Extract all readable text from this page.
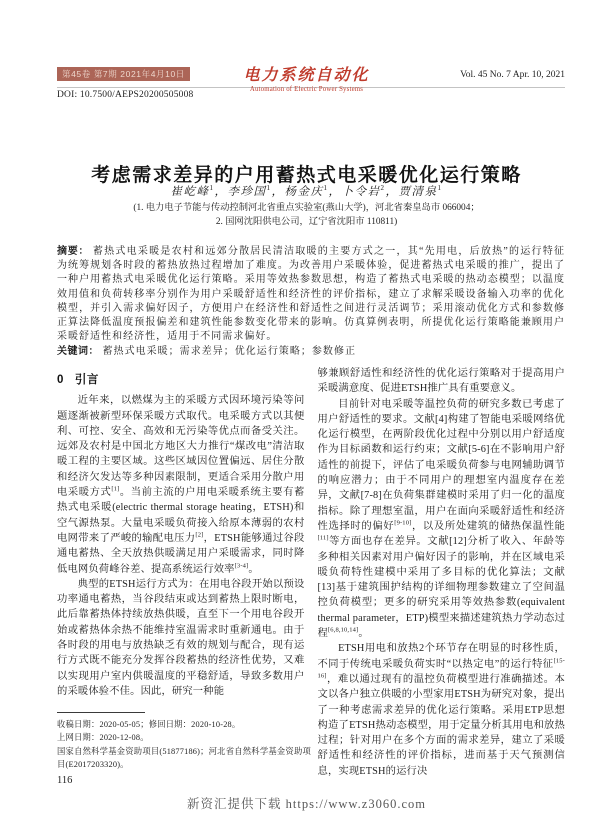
第45卷 第7期 2021年4月10日
DOI: 10.7500/AEPS20200505008
电力系统自动化
Automation of Electric Power Systems
Vol. 45 No. 7 Apr. 10, 2021
考虑需求差异的户用蓄热式电采暖优化运行策略
崔屹峰$^1$，李珍国$^1$，杨金庆$^1$，卜令岩$^2$，贾清泉$^1$
(1. 电力电子节能与传动控制河北省重点实验室(燕山大学)，河北省秦皇岛市 066004；
2. 国网沈阳供电公司，辽宁省沈阳市 110811)
摘要： 蓄热式电采暖是农村和远郊分散居民清洁取暖的主要方式之一，其“先用电，后放热”的运行特征为统筹规划各时段的蓄热放热过程增加了难度。为改善用户采暖体验，促进蓄热式电采暖的推广，提出了一种户用蓄热式电采暖优化运行策略。采用等效热参数思想，构造了蓄热式电采暖的热动态模型；以温度效用值和负荷转移率分别作为用户采暖舒适性和经济性的评价指标，建立了求解采暖设备输入功率的优化模型，并引入需求偏好因子，方便用户在经济性和舒适性之间进行灵活调节；采用滚动优化方式和参数修正算法降低温度预报偏差和建筑性能参数变化带来的影响。仿真算例表明，所提优化运行策略能兼顾用户采暖舒适性和经济性，适用于不同需求偏好。
关键词： 蓄热式电采暖；需求差异；优化运行策略；参数修正
0 引言

近年来，以燃煤为主的采暖方式因环境污染等问题逐渐被新型环保采暖方式取代。电采暖方式以其便利、可控、安全、高效和无污染等优点而备受关注。远郊及农村是中国北方地区大力推行“煤改电”清洁取暖工程的主要区域。这些区域因位置偏远、居住分散和经济欠发达等多种因素限制，更适合采用分散户用电采暖方式[1]。当前主流的户用电采暖系统主要有蓄热式电采暖(electric thermal storage heating，ETSH)和空气源热泵。大量电采暖负荷接入给原本薄弱的农村电网带来了严峻的输配电压力[2]，ETSH能够通过谷段通电蓄热、全天放热供暖满足用户采暖需求，同时降低电网负荷峰谷差、提高系统运行效率[3-4]。

典型的ETSH运行方式为：在用电谷段开始以预设功率通电蓄热，当谷段结束或达到蓄热上限时断电，此后靠蓄热体持续放热供暖，直至下一个用电谷段开始或蓄热体余热不能维持室温需求时重新通电。由于各时段的用电与放热缺乏有效的规划与配合，现有运行方式既不能充分发挥谷段蓄热的经济性优势，又难以实现用户室内供暖温度的平稳舒适，导致多数用户的采暖体验不佳。因此，研究一种能

够兼顾舒适性和经济性的优化运行策略对于提高用户采暖满意度、促进ETSH推广具有重要意义。

目前针对电采暖等温控负荷的研究多数已考虑了用户舒适性的要求。文献[4]构建了智能电采暖网络优化运行模型，在两阶段优化过程中分别以用户舒适度作为目标函数和运行约束；文献[5-6]在不影响用户舒适性的前提下，评估了电采暖负荷参与电网辅助调节的响应潜力；由于不同用户的理想室内温度存在差异，文献[7-8]在负荷集群建模时采用了归一化的温度指标。除了理想室温，用户在面向采暖舒适性和经济性选择时的偏好[9-10]，以及所处建筑的储热保温性能[11]等方面也存在差异。文献[12]分析了收入、年龄等多种相关因素对用户偏好因子的影响，并在区域电采暖负荷特性建模中采用了多目标的优化算法；文献[13]基于建筑围护结构的详细物理参数建立了空间温控负荷模型；更多的研究采用等效热参数(equivalent thermal parameter，ETP)模型来描述建筑热力学动态过程[6,8,10,14]。

ETSH用电和放热2个环节存在明显的时移性质，不同于传统电采暖负荷实时“以热定电”的运行特征[15-16]，难以通过现有的温控负荷模型进行准确描述。本文以各户独立供暖的小型家用ETSH为研究对象，提出了一种考虑需求差异的优化运行策略。采用ETP思想构造了ETSH热动态模型，用于定量分析其用电和放热过程；针对用户在多个方面的需求差异，建立了采暖舒适性和经济性的评价指标，进而基于天气预测信息，实现ETSH的运行决

收稿日期：2020-05-05；修回日期：2020-10-28。
上网日期：2020-12-08。
国家自然科学基金资助项目(51877186)；河北省自然科学基金资助项目(E2017203320)。
116
新资汇提供下载 https://www.z3060.com
